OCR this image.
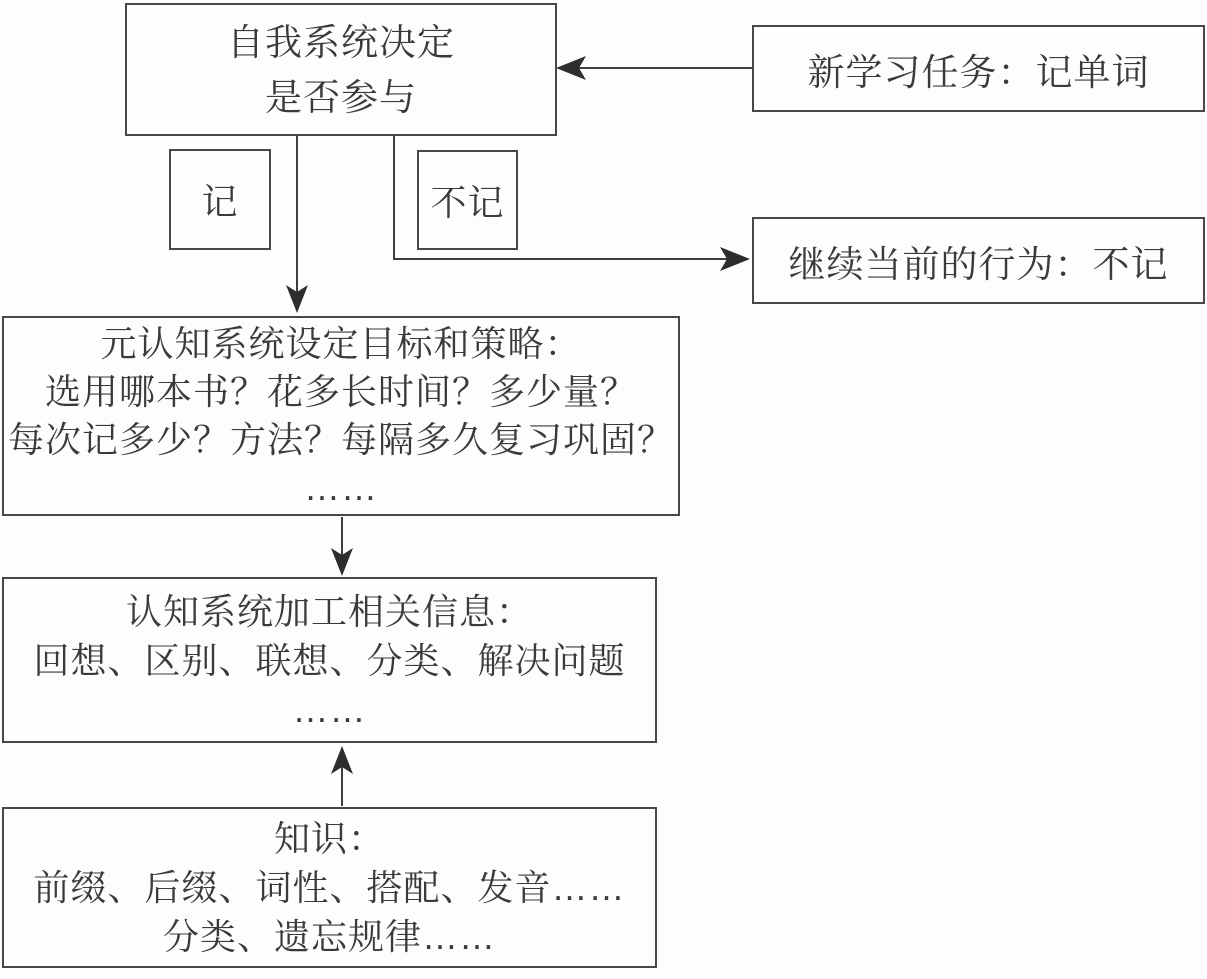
自我系统决定
是否参与
新学习任务：记单词
记	不记
继续当前的行为：不记
元认知系统设定目标和策略：
选用哪本书？花多长时间？多少量？
每次记多少？方法？每隔多久复习巩固？
……
认知系统加工相关信息：
回想、区别、联想、分类、解决问题
……
知识：
前缀、后缀、词性、搭配、发音……
分类、遗忘规律……
